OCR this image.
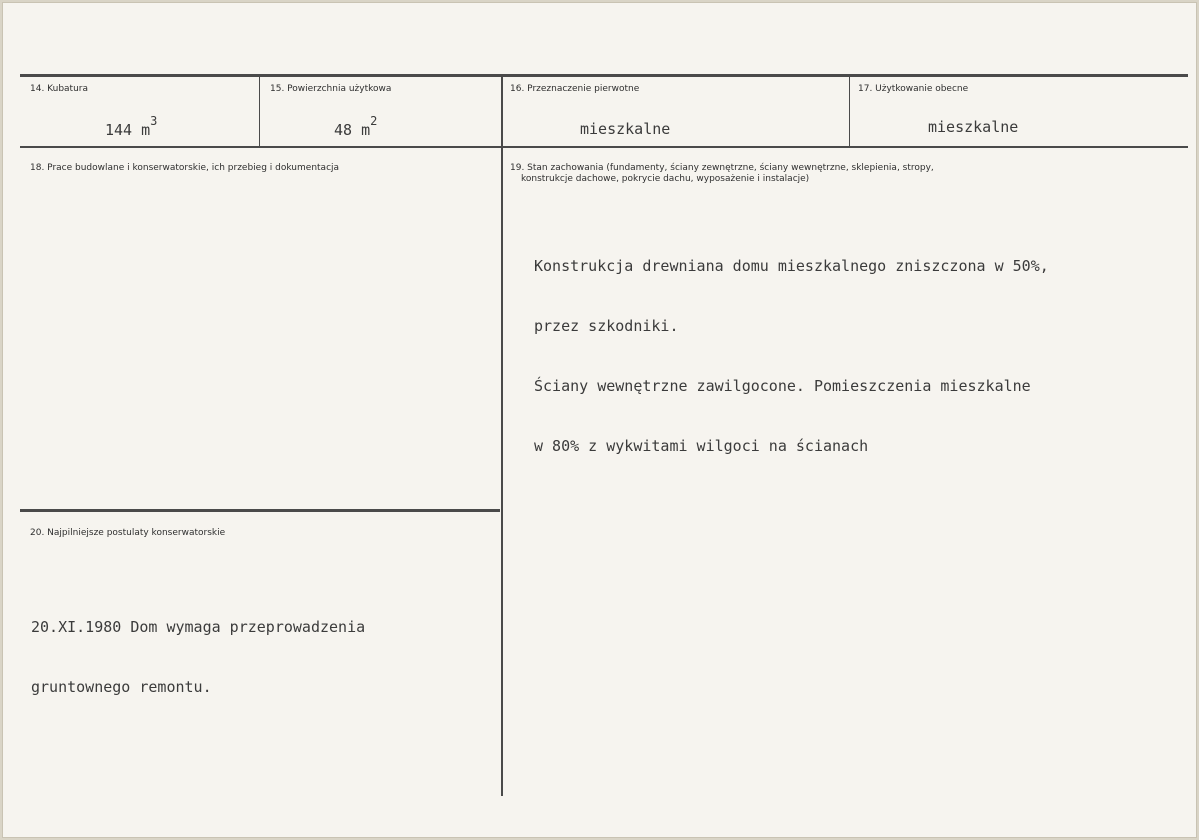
14. Kubatura
144 $m^3$
15. Powierzchnia użytkowa
48 $m^2$
16. Przeznaczenie pierwotne
mieszkalne
17. Użytkowanie obecne
mieszkalne
18. Prace budowlane i konserwatorskie, ich przebieg i dokumentacja	19. Stan zachowania (fundamenty, ściany zewnętrzne, ściany wewnętrzne, sklepienia, stropy,
konstrukcje dachowe, pokrycie dachu, wyposażenie i instalacje)

Konstrukcja drewniana domu mieszkalnego zniszczona w 50%,

przez szkodniki.

Ściany wewnętrzne zawilgocone. Pomieszczenia mieszkalne

w 80% z wykwitami wilgoci na ścianach

20. Najpilniejsze postulaty konserwatorskie

20.XI.1980 Dom wymaga przeprowadzenia

gruntownego remontu.
